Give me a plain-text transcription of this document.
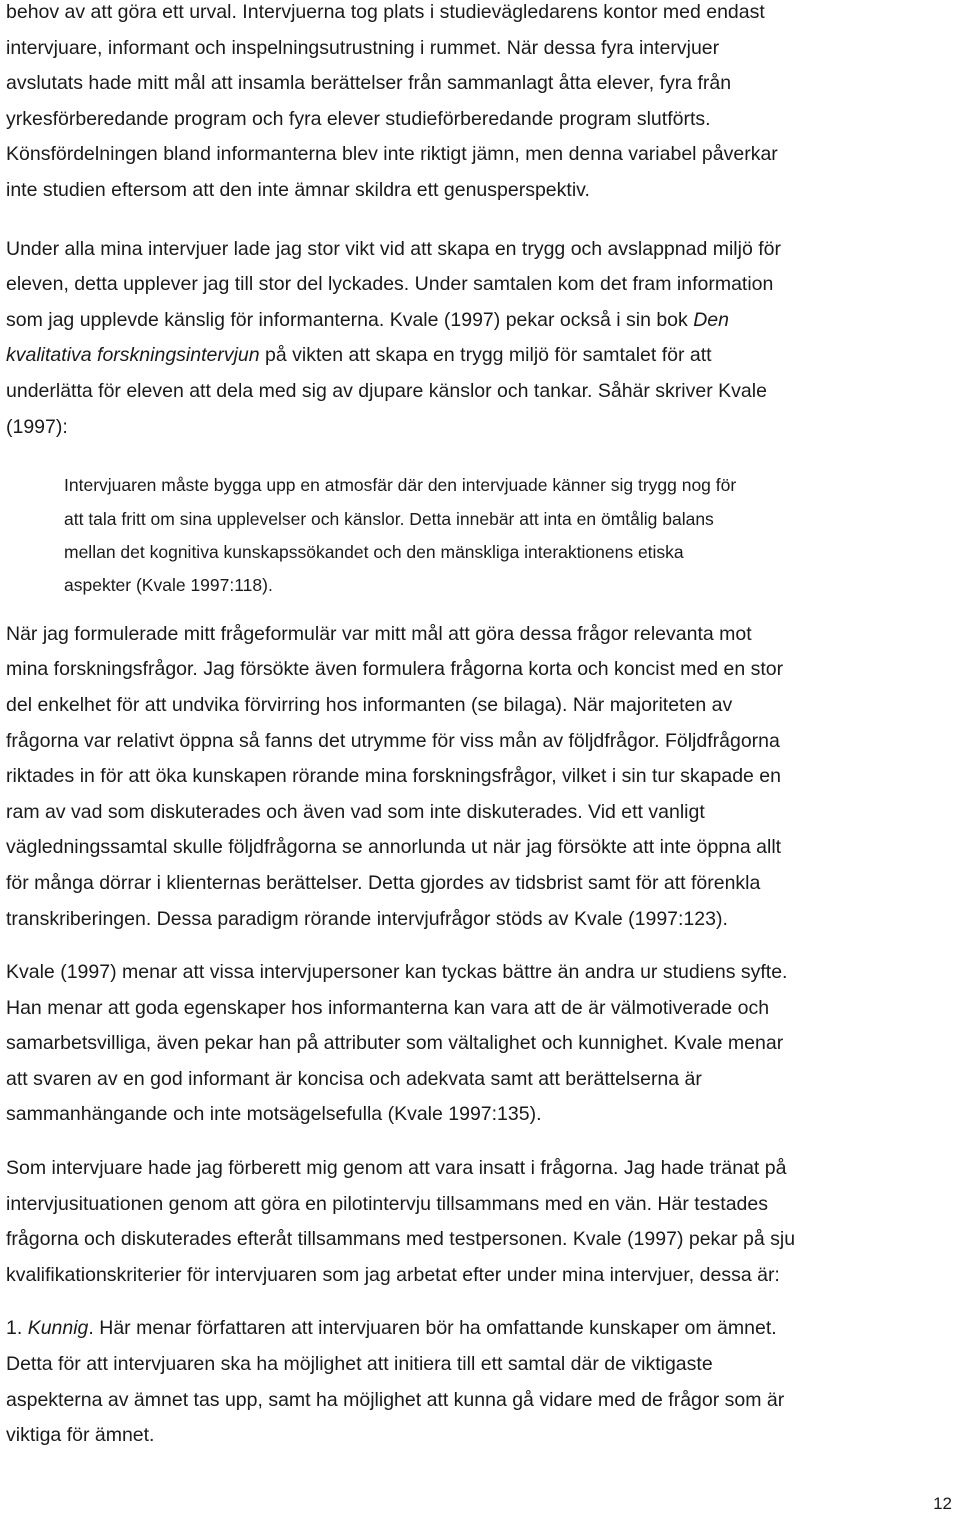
behov av att göra ett urval. Intervjuerna tog plats i studievägledarens kontor med endast
intervjuare, informant och inspelningsutrustning i rummet. När dessa fyra intervjuer
avslutats hade mitt mål att insamla berättelser från sammanlagt åtta elever, fyra från
yrkesförberedande program och fyra elever studieförberedande program slutförts.
Könsfördelningen bland informanterna blev inte riktigt jämn, men denna variabel påverkar
inte studien eftersom att den inte ämnar skildra ett genusperspektiv.

Under alla mina intervjuer lade jag stor vikt vid att skapa en trygg och avslappnad miljö för
eleven, detta upplever jag till stor del lyckades. Under samtalen kom det fram information
som jag upplevde känslig för informanterna. Kvale (1997) pekar också i sin bok Den
kvalitativa forskningsintervjun på vikten att skapa en trygg miljö för samtalet för att
underlätta för eleven att dela med sig av djupare känslor och tankar. Såhär skriver Kvale
(1997):

Intervjuaren måste bygga upp en atmosfär där den intervjuade känner sig trygg nog för
att tala fritt om sina upplevelser och känslor. Detta innebär att inta en ömtålig balans
mellan det kognitiva kunskapssökandet och den mänskliga interaktionens etiska
aspekter (Kvale 1997:118).

När jag formulerade mitt frågeformulär var mitt mål att göra dessa frågor relevanta mot
mina forskningsfrågor. Jag försökte även formulera frågorna korta och koncist med en stor
del enkelhet för att undvika förvirring hos informanten (se bilaga). När majoriteten av
frågorna var relativt öppna så fanns det utrymme för viss mån av följdfrågor. Följdfrågorna
riktades in för att öka kunskapen rörande mina forskningsfrågor, vilket i sin tur skapade en
ram av vad som diskuterades och även vad som inte diskuterades. Vid ett vanligt
vägledningssamtal skulle följdfrågorna se annorlunda ut när jag försökte att inte öppna allt
för många dörrar i klienternas berättelser. Detta gjordes av tidsbrist samt för att förenkla
transkriberingen. Dessa paradigm rörande intervjufrågor stöds av Kvale (1997:123).

Kvale (1997) menar att vissa intervjupersoner kan tyckas bättre än andra ur studiens syfte.
Han menar att goda egenskaper hos informanterna kan vara att de är välmotiverade och
samarbetsvilliga, även pekar han på attributer som vältalighet och kunnighet. Kvale menar
att svaren av en god informant är koncisa och adekvata samt att berättelserna är
sammanhängande och inte motsägelsefulla (Kvale 1997:135).

Som intervjuare hade jag förberett mig genom att vara insatt i frågorna. Jag hade tränat på
intervjusituationen genom att göra en pilotintervju tillsammans med en vän. Här testades
frågorna och diskuterades efteråt tillsammans med testpersonen. Kvale (1997) pekar på sju
kvalifikationskriterier för intervjuaren som jag arbetat efter under mina intervjuer, dessa är:

1. Kunnig. Här menar författaren att intervjuaren bör ha omfattande kunskaper om ämnet.
Detta för att intervjuaren ska ha möjlighet att initiera till ett samtal där de viktigaste
aspekterna av ämnet tas upp, samt ha möjlighet att kunna gå vidare med de frågor som är
viktiga för ämnet.

12
